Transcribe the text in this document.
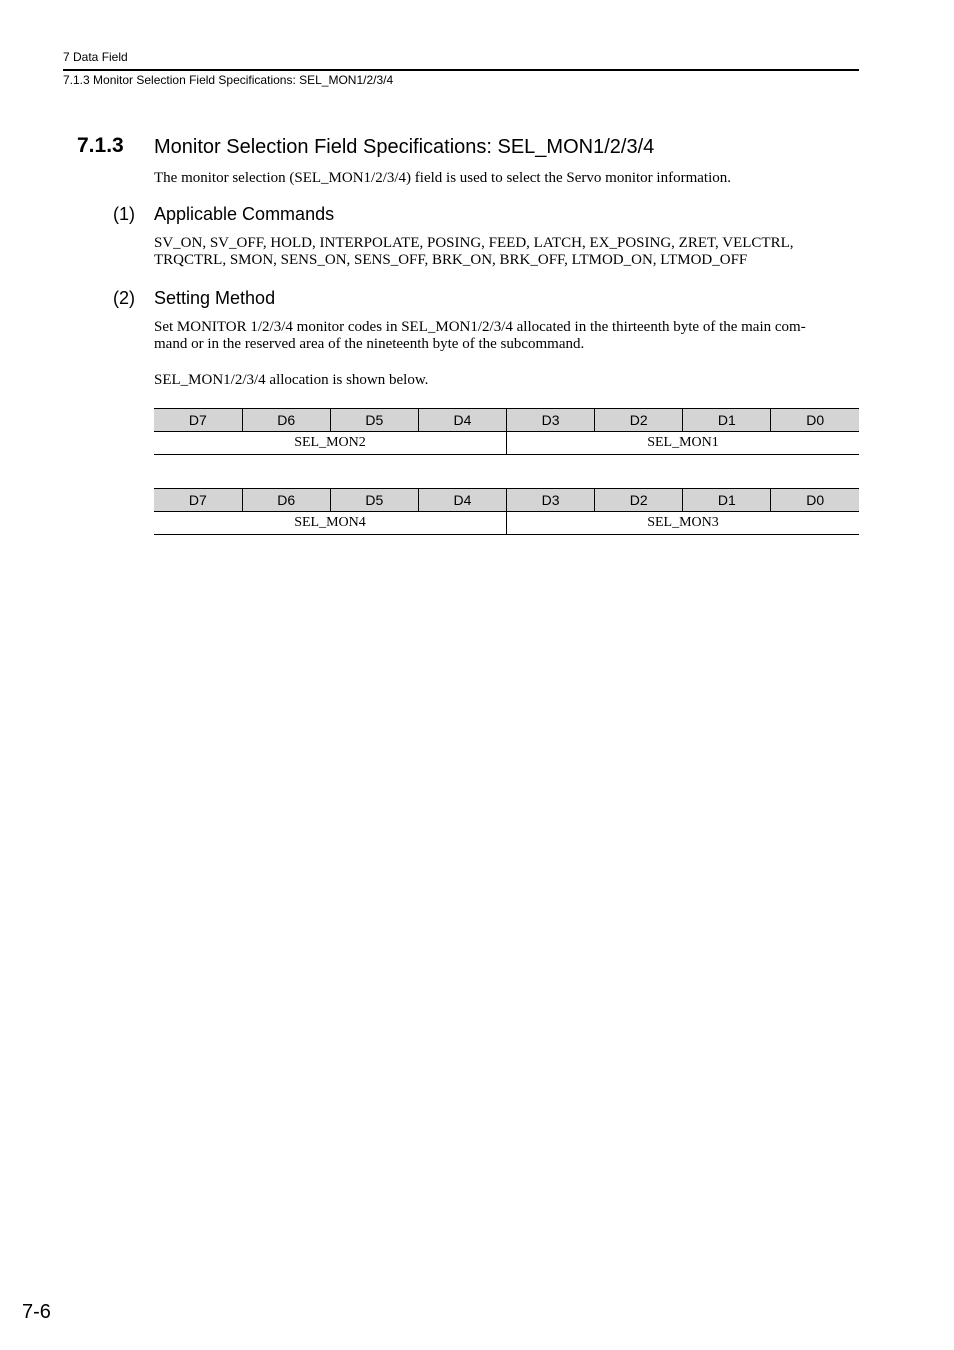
7 Data Field
7.1.3 Monitor Selection Field Specifications: SEL_MON1/2/3/4
7.1.3 Monitor Selection Field Specifications: SEL_MON1/2/3/4
The monitor selection (SEL_MON1/2/3/4) field is used to select the Servo monitor information.
(1) Applicable Commands
SV_ON, SV_OFF, HOLD, INTERPOLATE, POSING, FEED, LATCH, EX_POSING, ZRET, VELCTRL,
TRQCTRL, SMON, SENS_ON, SENS_OFF, BRK_ON, BRK_OFF, LTMOD_ON, LTMOD_OFF
(2) Setting Method
Set MONITOR 1/2/3/4 monitor codes in SEL_MON1/2/3/4 allocated in the thirteenth byte of the main com-
mand or in the reserved area of the nineteenth byte of the subcommand.
SEL_MON1/2/3/4 allocation is shown below.
D7	D6	D5	D4	D3	D2	D1	D0
SEL_MON2				SEL_MON1			
D7	D6	D5	D4	D3	D2	D1	D0
SEL_MON4				SEL_MON3			
7-6
